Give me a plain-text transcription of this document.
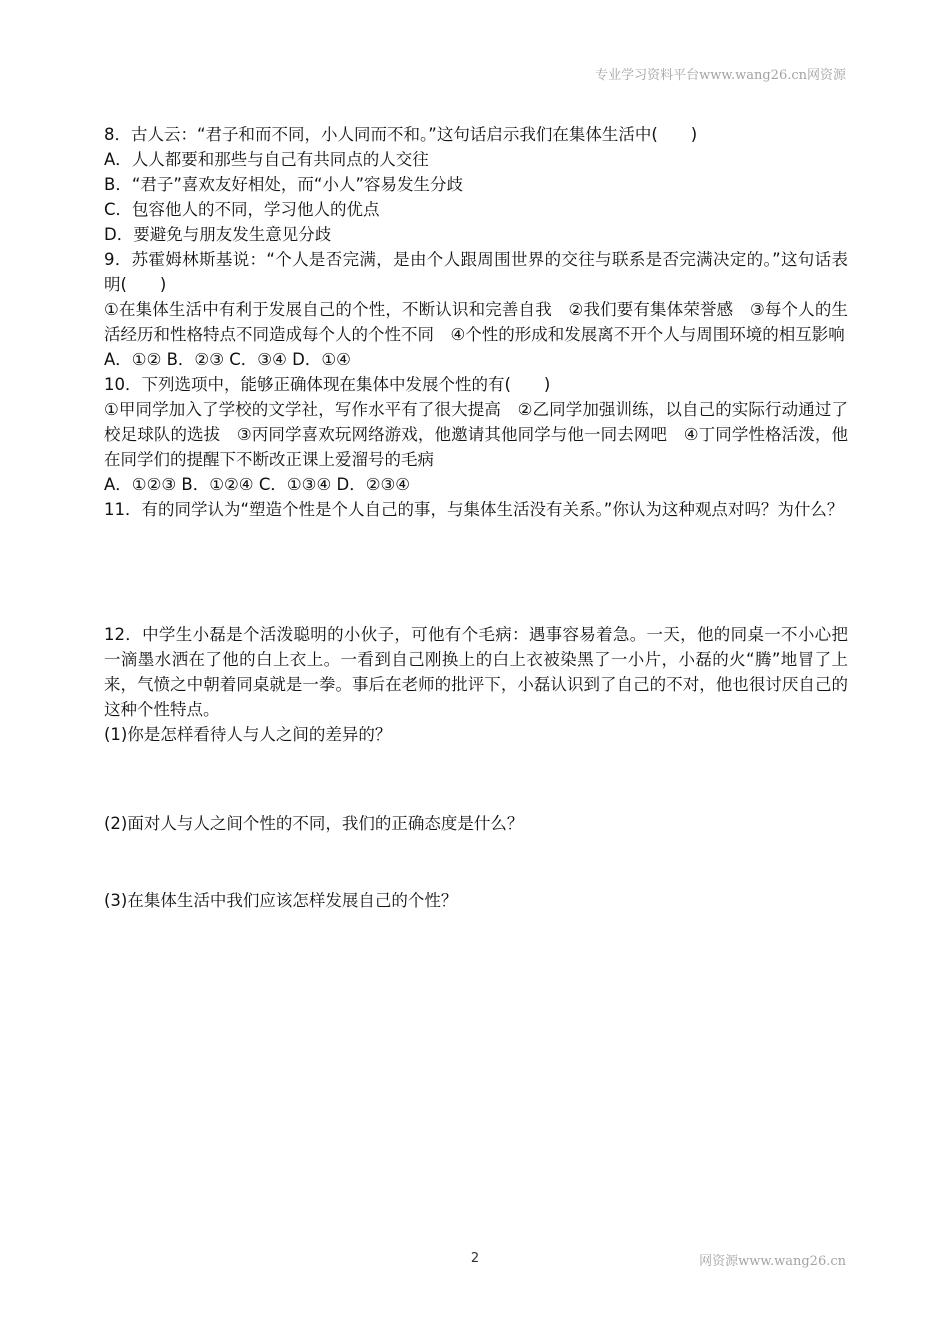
专业学习资料平台www.wang26.cn网资源
8．古人云：“君子和而不同，小人同而不和。”这句话启示我们在集体生活中(　　)
A．人人都要和那些与自己有共同点的人交往
B．“君子”喜欢友好相处，而“小人”容易发生分歧
C．包容他人的不同，学习他人的优点
D．要避免与朋友发生意见分歧
9．苏霍姆林斯基说：“个人是否完满，是由个人跟周围世界的交往与联系是否完满决定的。”这句话表明(　　)
①在集体生活中有利于发展自己的个性，不断认识和完善自我　②我们要有集体荣誉感　③每个人的生活经历和性格特点不同造成每个人的个性不同　④个性的形成和发展离不开个人与周围环境的相互影响
A．①② B．②③ C．③④ D．①④
10．下列选项中，能够正确体现在集体中发展个性的有(　　)
①甲同学加入了学校的文学社，写作水平有了很大提高　②乙同学加强训练，以自己的实际行动通过了校足球队的选拔　③丙同学喜欢玩网络游戏，他邀请其他同学与他一同去网吧　④丁同学性格活泼，他在同学们的提醒下不断改正课上爱溜号的毛病
A．①②③ B．①②④ C．①③④ D．②③④
11．有的同学认为“塑造个性是个人自己的事，与集体生活没有关系。”你认为这种观点对吗？为什么？
12．中学生小磊是个活泼聪明的小伙子，可他有个毛病：遇事容易着急。一天，他的同桌一不小心把一滴墨水洒在了他的白上衣上。一看到自己刚换上的白上衣被染黑了一小片，小磊的火“腾”地冒了上来，气愤之中朝着同桌就是一拳。事后在老师的批评下，小磊认识到了自己的不对，他也很讨厌自己的这种个性特点。
(1)你是怎样看待人与人之间的差异的？
(2)面对人与人之间个性的不同，我们的正确态度是什么？
(3)在集体生活中我们应该怎样发展自己的个性？
2	网资源www.wang26.cn
